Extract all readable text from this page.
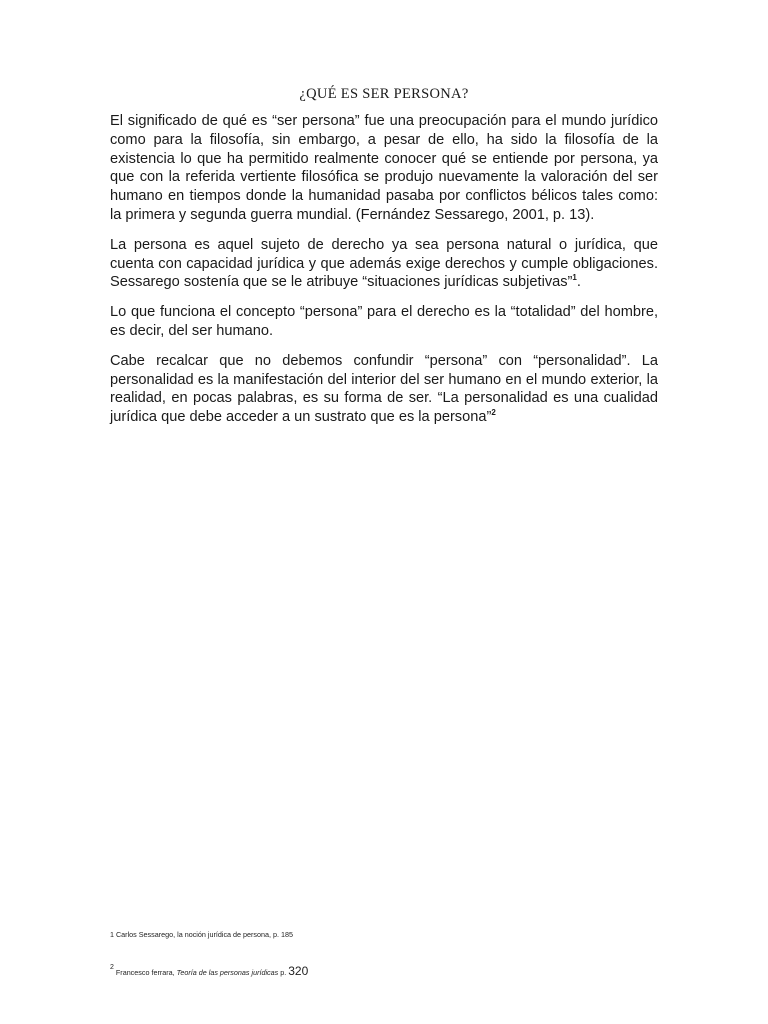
¿QUÉ ES SER PERSONA?

El significado de qué es “ser persona” fue una preocupación para el mundo jurídico como para la filosofía, sin embargo, a pesar de ello, ha sido la filosofía de la existencia lo que ha permitido realmente conocer qué se entiende por persona, ya que con la referida vertiente filosófica se produjo nuevamente la valoración del ser humano en tiempos donde la humanidad pasaba por conflictos bélicos tales como: la primera y segunda guerra mundial. (Fernández Sessarego, 2001, p. 13).

La persona es aquel sujeto de derecho ya sea persona natural o jurídica, que cuenta con capacidad jurídica y que además exige derechos y cumple obligaciones. Sessarego sostenía que se le atribuye “situaciones jurídicas subjetivas”$^1$.

Lo que funciona el concepto “persona” para el derecho es la “totalidad” del hombre, es decir, del ser humano.

Cabe recalcar que no debemos confundir “persona” con “personalidad”. La personalidad es la manifestación del interior del ser humano en el mundo exterior, la realidad, en pocas palabras, es su forma de ser. “La personalidad es una cualidad jurídica que debe acceder a un sustrato que es la persona”$^2$

1 Carlos Sessarego, la noción jurídica de persona, p. 185
2 Francesco ferrara, Teoría de las personas jurídicas p. 320
